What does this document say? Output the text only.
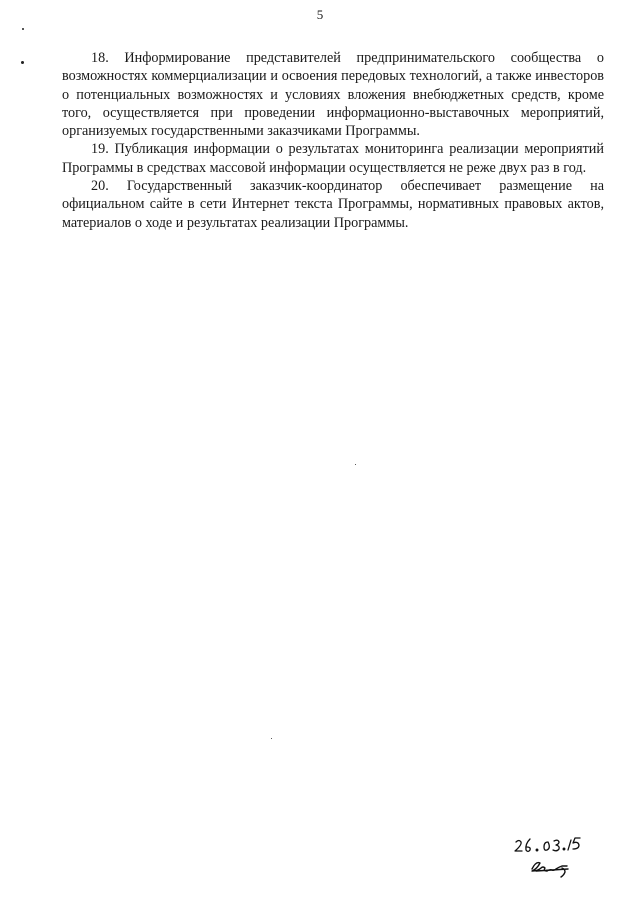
5

18. Информирование представителей предпринимательского сообщества о возможностях коммерциализации и освоения передовых технологий, а также инвесторов о потенциальных возможностях и условиях вложения внебюджетных средств, кроме того, осуществляется при проведении информационно-выставочных мероприятий, организуемых государственными заказчиками Программы.

19. Публикация информации о результатах мониторинга реализации мероприятий Программы в средствах массовой информации осуществляется не реже двух раз в год.

20. Государственный заказчик-координатор обеспечивает размещение на официальном сайте в сети Интернет текста Программы, нормативных правовых актов, материалов о ходе и результатах реализации Программы.
